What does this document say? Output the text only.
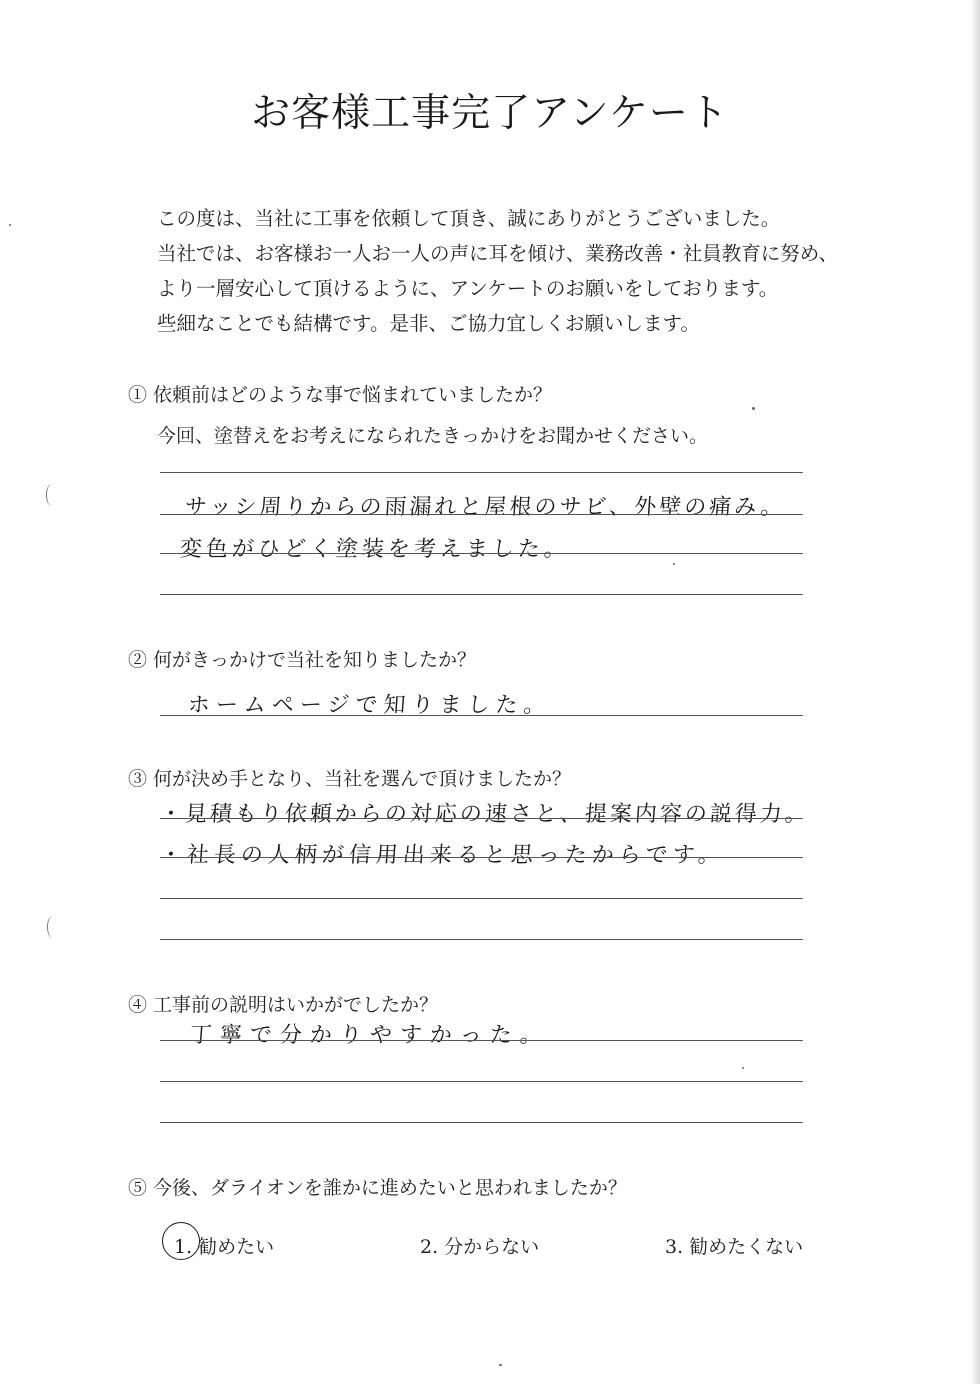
お客様工事完了アンケート
この度は、当社に工事を依頼して頂き、誠にありがとうございました。
当社では、お客様お一人お一人の声に耳を傾け、業務改善・社員教育に努め、
より一層安心して頂けるように、アンケートのお願いをしております。
些細なことでも結構です。是非、ご協力宜しくお願いします。
① 依頼前はどのような事で悩まれていましたか？
今回、塗替えをお考えになられたきっかけをお聞かせください。
サッシ周りからの雨漏れと屋根のサビ、外壁の痛み。
変色がひどく塗装を考えました。
② 何がきっかけで当社を知りましたか？
ホームページで知りました。
③ 何が決め手となり、当社を選んで頂けましたか？
・見積もり依頼からの対応の速さと、提案内容の説得力。
・社長の人柄が信用出来ると思ったからです。
④ 工事前の説明はいかがでしたか？
丁寧で分かりやすかった。
⑤ 今後、ダライオンを誰かに進めたいと思われましたか？
1. 勧めたい	2. 分からない	3. 勧めたくない
